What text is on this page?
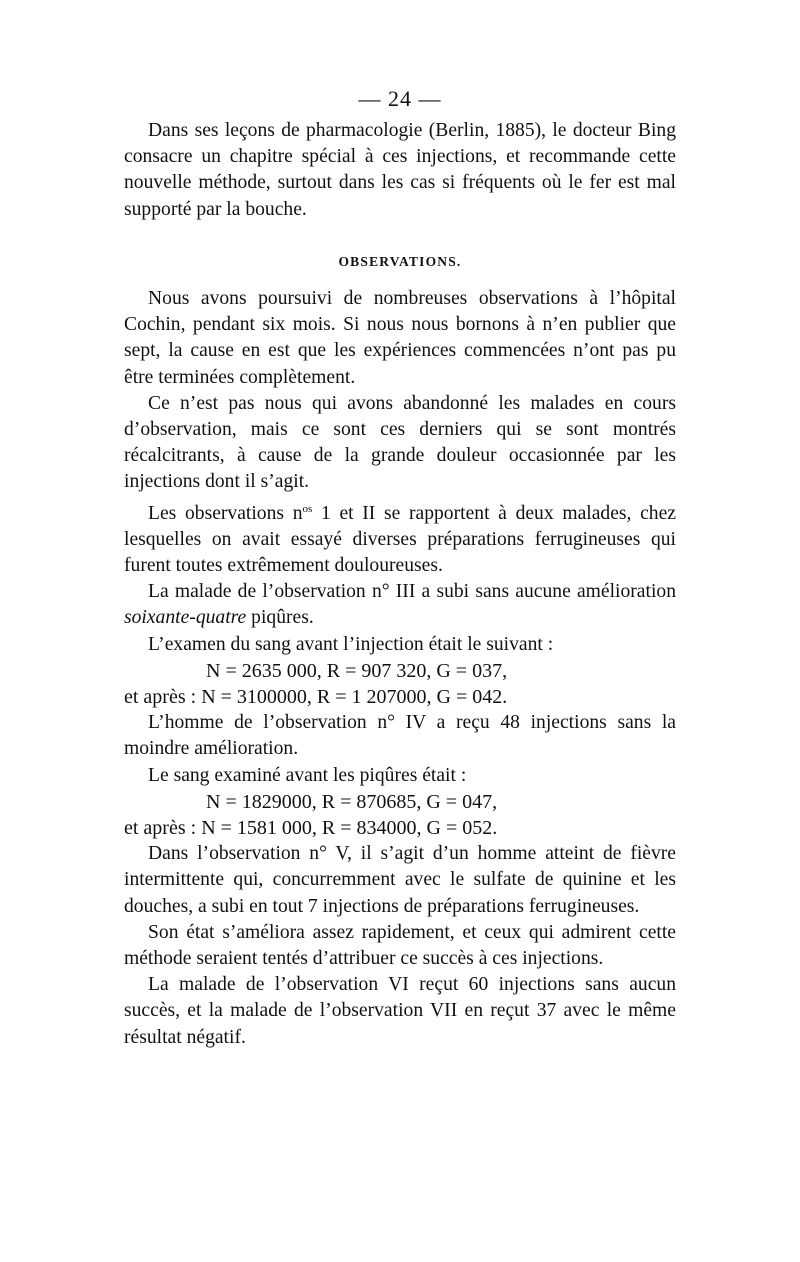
— 24 —

Dans ses leçons de pharmacologie (Berlin, 1885), le docteur Bing consacre un chapitre spécial à ces injections, et recommande cette nouvelle méthode, surtout dans les cas si fréquents où le fer est mal supporté par la bouche.

OBSERVATIONS.

Nous avons poursuivi de nombreuses observations à l’hôpital Cochin, pendant six mois. Si nous nous bornons à n’en publier que sept, la cause en est que les expériences commencées n’ont pas pu être terminées complètement.

Ce n’est pas nous qui avons abandonné les malades en cours d’observation, mais ce sont ces derniers qui se sont montrés récalcitrants, à cause de la grande douleur occasionnée par les injections dont il s’agit.

Les observations $n^{os}$ 1 et II se rapportent à deux malades, chez lesquelles on avait essayé diverses préparations ferrugineuses qui furent toutes extrêmement douloureuses.

La malade de l’observation n° III a subi sans aucune amélioration soixante-quatre piqûres.

L’examen du sang avant l’injection était le suivant :

N = 2635 000, R = 907 320, G = 037,

et après : N = 3100000, R = 1 207000, G = 042.

L’homme de l’observation n° IV a reçu 48 injections sans la moindre amélioration.

Le sang examiné avant les piqûres était :

N = 1829000, R = 870685, G = 047,

et après : N = 1581 000, R = 834000, G = 052.

Dans l’observation n° V, il s’agit d’un homme atteint de fièvre intermittente qui, concurremment avec le sulfate de quinine et les douches, a subi en tout 7 injections de préparations ferrugineuses.

Son état s’améliora assez rapidement, et ceux qui admirent cette méthode seraient tentés d’attribuer ce succès à ces injections.

La malade de l’observation VI reçut 60 injections sans aucun succès, et la malade de l’observation VII en reçut 37 avec le même résultat négatif.
